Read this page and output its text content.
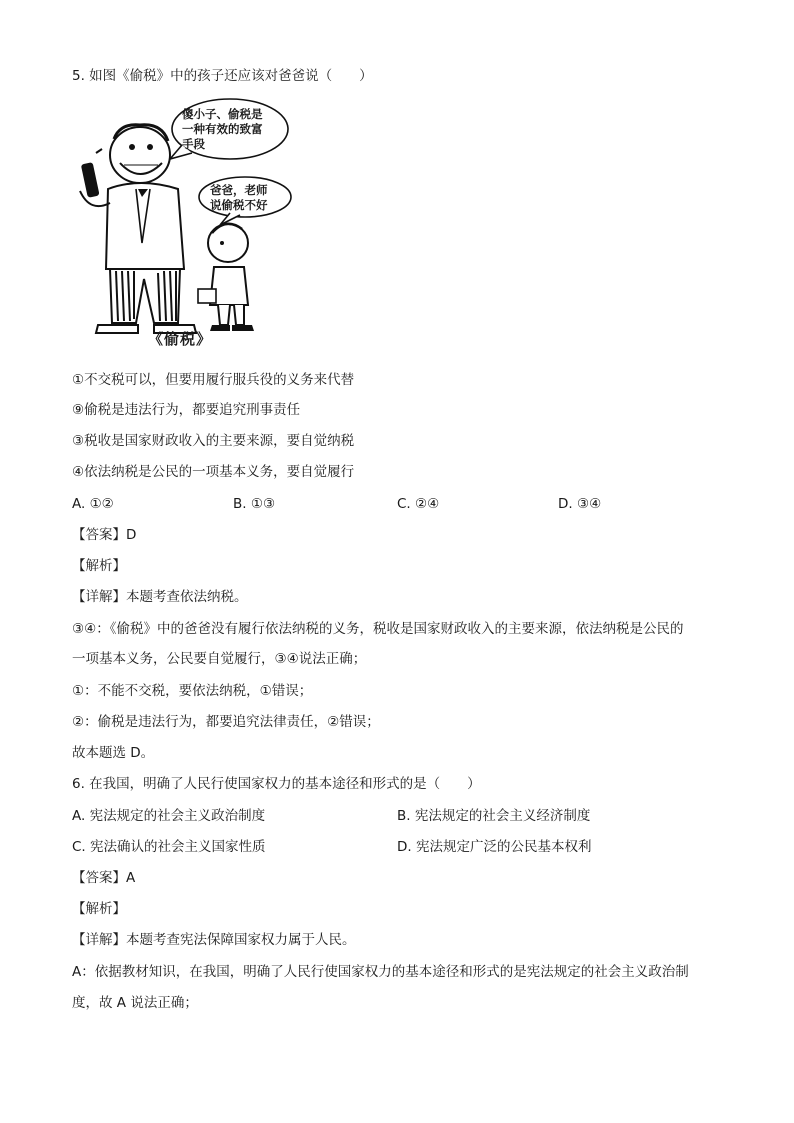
5. 如图《偷税》中的孩子还应该对爸爸说（　　）

傻小子、偷税是
一种有效的致富
手段
爸爸，老师
说偷税不好
《偷税》

①不交税可以，但要用履行服兵役的义务来代替

⑨偷税是违法行为，都要追究刑事责任

③税收是国家财政收入的主要来源，要自觉纳税

④依法纳税是公民的一项基本义务，要自觉履行

A. ①②	B. ①③	C. ②④	D. ③④

【答案】D

【解析】

【详解】本题考查依法纳税。

③④：《偷税》中的爸爸没有履行依法纳税的义务，税收是国家财政收入的主要来源，依法纳税是公民的

一项基本义务，公民要自觉履行，③④说法正确；

①：不能不交税，要依法纳税，①错误；

②：偷税是违法行为，都要追究法律责任，②错误；

故本题选 D。

6. 在我国，明确了人民行使国家权力的基本途径和形式的是（　　）

A. 宪法规定的社会主义政治制度	B. 宪法规定的社会主义经济制度
C. 宪法确认的社会主义国家性质	D. 宪法规定广泛的公民基本权利

【答案】A

【解析】

【详解】本题考查宪法保障国家权力属于人民。

A：依据教材知识，在我国，明确了人民行使国家权力的基本途径和形式的是宪法规定的社会主义政治制

度，故 A 说法正确；
